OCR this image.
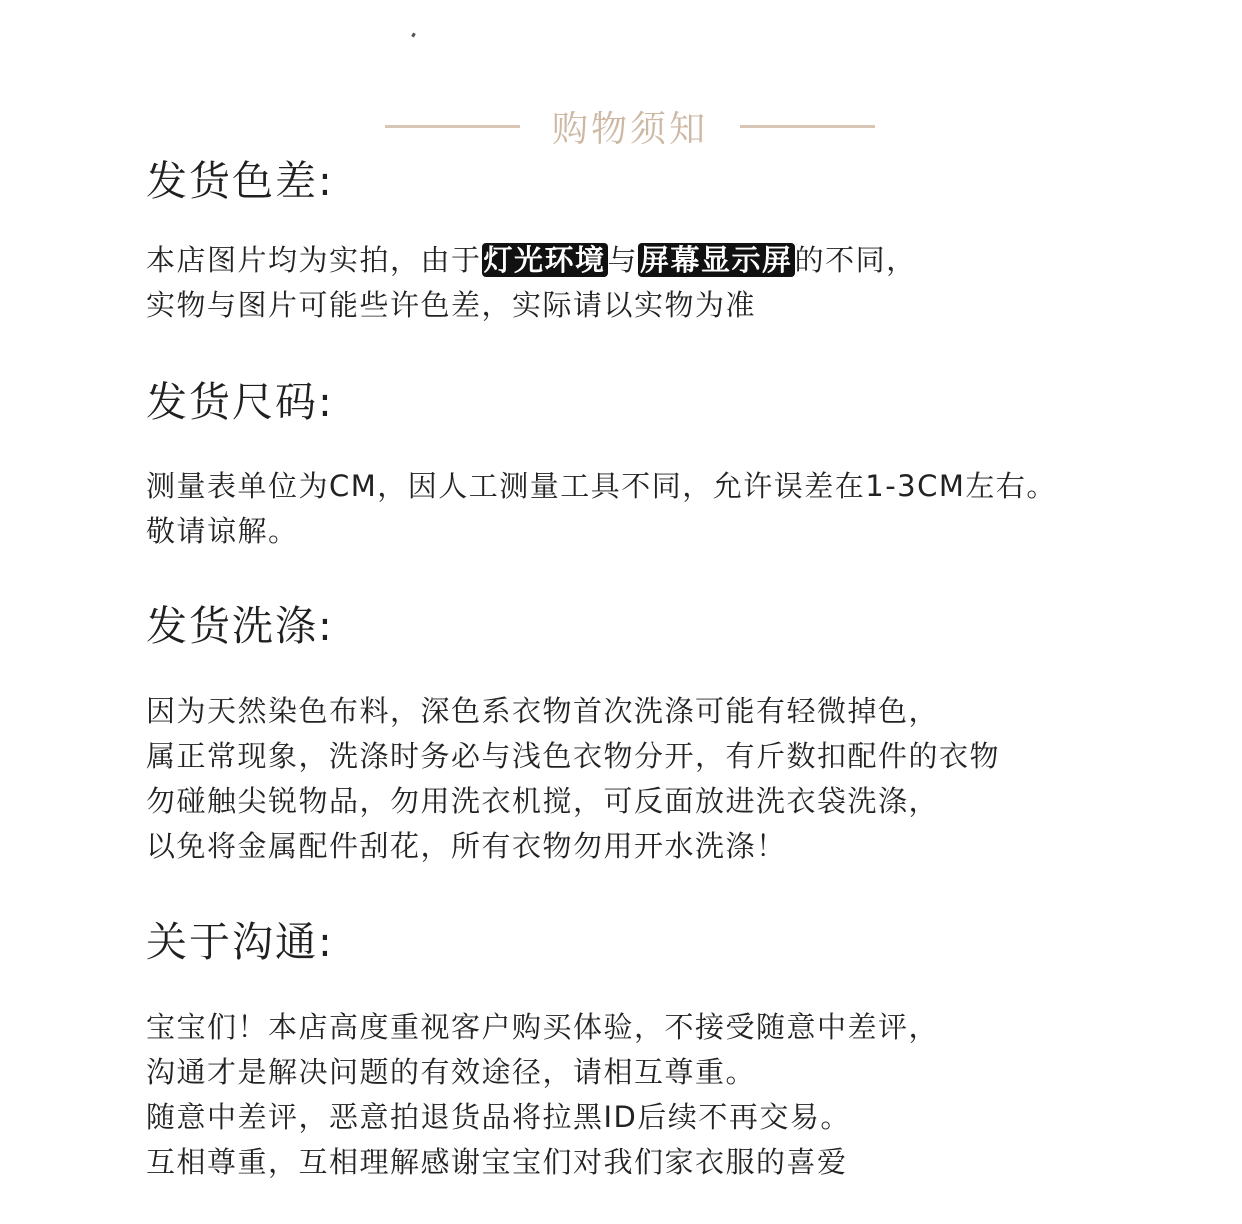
购物须知
发货色差:
本店图片均为实拍，由于灯光环境与屏幕显示屏的不同，
实物与图片可能些许色差，实际请以实物为准
发货尺码:
测量表单位为CM，因人工测量工具不同，允许误差在1-3CM左右。
敬请谅解。
发货洗涤:
因为天然染色布料，深色系衣物首次洗涤可能有轻微掉色，
属正常现象，洗涤时务必与浅色衣物分开，有斤数扣配件的衣物
勿碰触尖锐物品，勿用洗衣机搅，可反面放进洗衣袋洗涤，
以免将金属配件刮花，所有衣物勿用开水洗涤！
关于沟通:
宝宝们！本店高度重视客户购买体验，不接受随意中差评，
沟通才是解决问题的有效途径，请相互尊重。
随意中差评，恶意拍退货品将拉黑ID后续不再交易。
互相尊重，互相理解感谢宝宝们对我们家衣服的喜爱
